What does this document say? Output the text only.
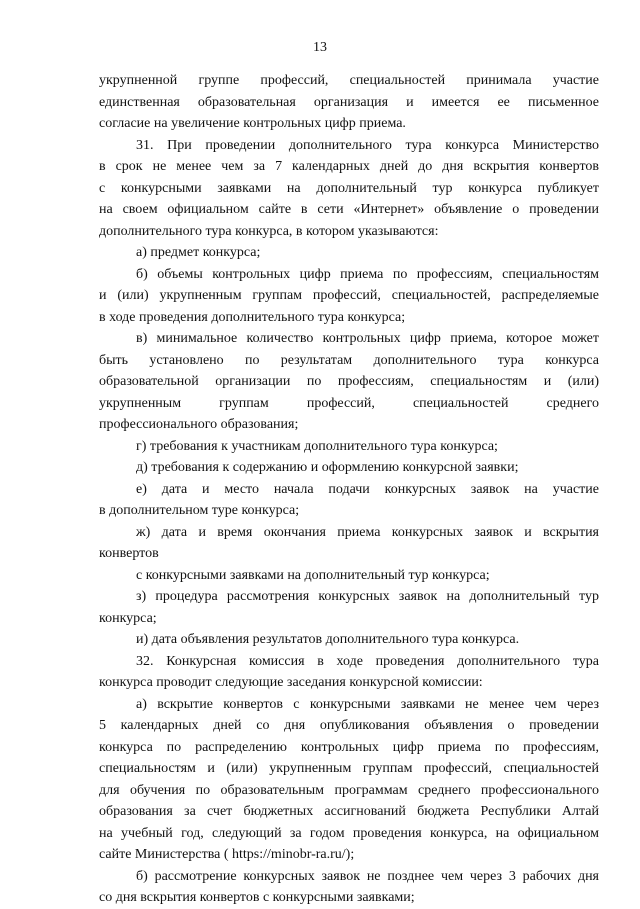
13
укрупненной группе профессий, специальностей принимала участие
единственная образовательная организация и имеется ее письменное
согласие на увеличение контрольных цифр приема.
31. При проведении дополнительного тура конкурса Министерство
в срок не менее чем за 7 календарных дней до дня вскрытия конвертов
с конкурсными заявками на дополнительный тур конкурса публикует
на своем официальном сайте в сети «Интернет» объявление о проведении
дополнительного тура конкурса, в котором указываются:
а) предмет конкурса;
б) объемы контрольных цифр приема по профессиям, специальностям
и (или) укрупненным группам профессий, специальностей, распределяемые
в ходе проведения дополнительного тура конкурса;
в) минимальное количество контрольных цифр приема, которое может
быть установлено по результатам дополнительного тура конкурса
образовательной организации по профессиям, специальностям и (или)
укрупненным группам профессий, специальностей среднего
профессионального образования;
г) требования к участникам дополнительного тура конкурса;
д) требования к содержанию и оформлению конкурсной заявки;
е) дата и место начала подачи конкурсных заявок на участие
в дополнительном туре конкурса;
ж) дата и время окончания приема конкурсных заявок и вскрытия
конвертов
с конкурсными заявками на дополнительный тур конкурса;
з) процедура рассмотрения конкурсных заявок на дополнительный тур
конкурса;
и) дата объявления результатов дополнительного тура конкурса.
32. Конкурсная комиссия в ходе проведения дополнительного тура
конкурса проводит следующие заседания конкурсной комиссии:
а) вскрытие конвертов с конкурсными заявками не менее чем через
5 календарных дней со дня опубликования объявления о проведении
конкурса по распределению контрольных цифр приема по профессиям,
специальностям и (или) укрупненным группам профессий, специальностей
для обучения по образовательным программам среднего профессионального
образования за счет бюджетных ассигнований бюджета Республики Алтай
на учебный год, следующий за годом проведения конкурса, на официальном
сайте Министерства ( https://minobr-ra.ru/);
б) рассмотрение конкурсных заявок не позднее чем через 3 рабочих дня
со дня вскрытия конвертов с конкурсными заявками;
